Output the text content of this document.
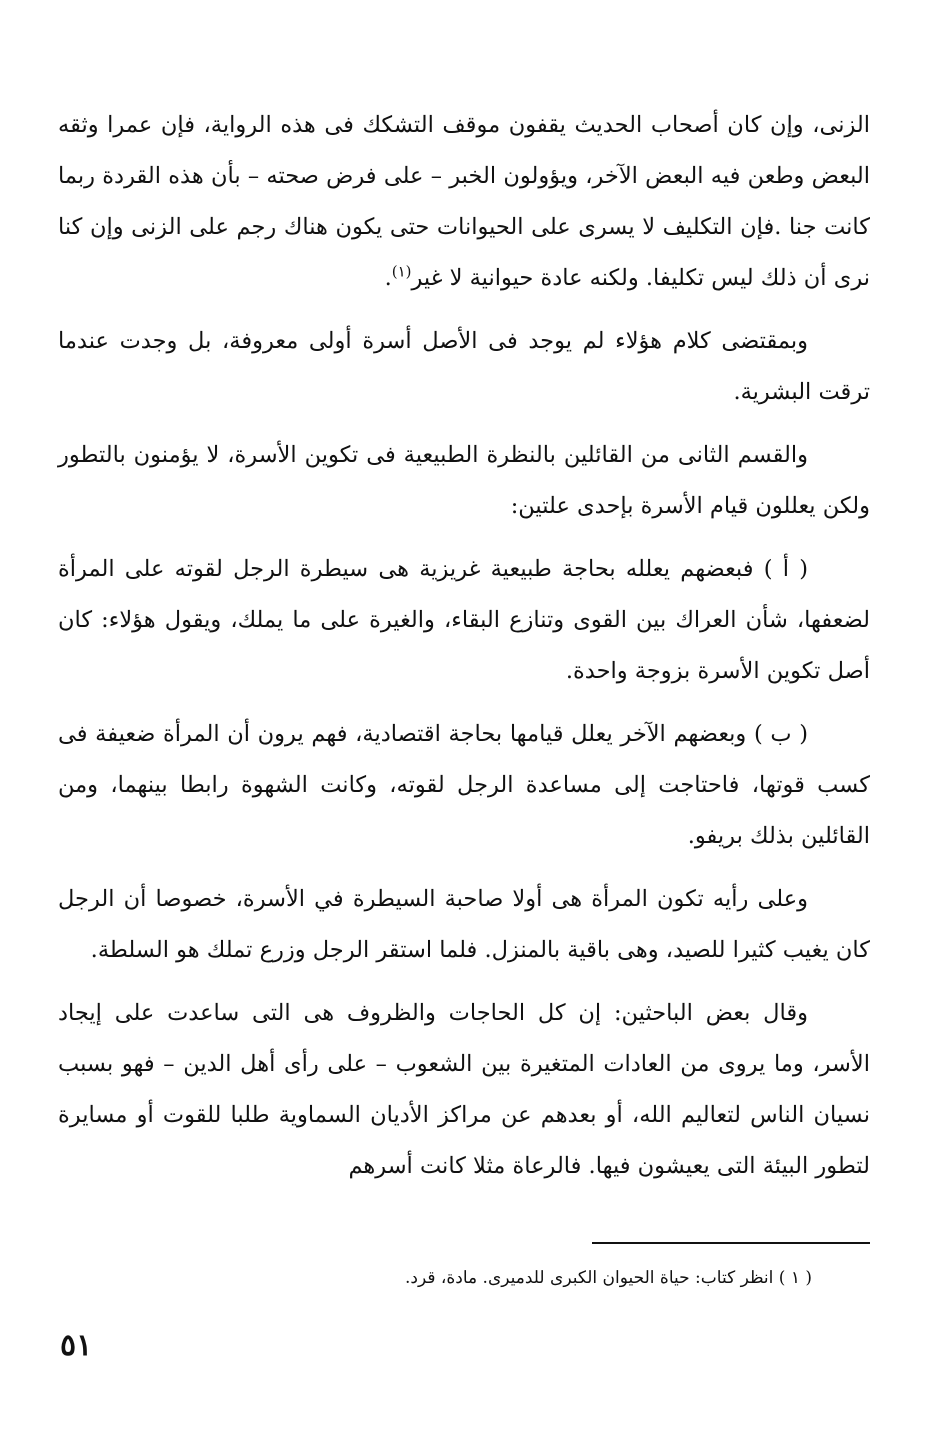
الزنى، وإن كان أصحاب الحديث يقفون موقف التشكك فى هذه الرواية، فإن عمرا وثقه البعض وطعن فيه البعض الآخر، ويؤولون الخبر – على فرض صحته – بأن هذه القردة ربما كانت جنا .فإن التكليف لا يسرى على الحيوانات حتى يكون هناك رجم على الزنى وإن كنا نرى أن ذلك ليس تكليفا. ولكنه عادة حيوانية لا غير$^{(١)}$.

وبمقتضى كلام هؤلاء لم يوجد فى الأصل أسرة أولى معروفة، بل وجدت عندما ترقت البشرية.

والقسم الثانى من القائلين بالنظرة الطبيعية فى تكوين الأسرة، لا يؤمنون بالتطور ولكن يعللون قيام الأسرة بإحدى علتين:

( أ ) فبعضهم يعلله بحاجة طبيعية غريزية هى سيطرة الرجل لقوته على المرأة لضعفها، شأن العراك بين القوى وتنازع البقاء، والغيرة على ما يملك، ويقول هؤلاء: كان أصل تكوين الأسرة بزوجة واحدة.

( ب ) وبعضهم الآخر يعلل قيامها بحاجة اقتصادية، فهم يرون أن المرأة ضعيفة فى كسب قوتها، فاحتاجت إلى مساعدة الرجل لقوته، وكانت الشهوة رابطا بينهما، ومن القائلين بذلك بريفو.

وعلى رأيه تكون المرأة هى أولا صاحبة السيطرة في الأسرة، خصوصا أن الرجل كان يغيب كثيرا للصيد، وهى باقية بالمنزل. فلما استقر الرجل وزرع تملك هو السلطة.

وقال بعض الباحثين: إن كل الحاجات والظروف هى التى ساعدت على إيجاد الأسر، وما يروى من العادات المتغيرة بين الشعوب – على رأى أهل الدين – فهو بسبب نسيان الناس لتعاليم الله، أو بعدهم عن مراكز الأديان السماوية طلبا للقوت أو مسايرة لتطور البيئة التى يعيشون فيها. فالرعاة مثلا كانت أسرهم

( ١ ) انظر كتاب: حياة الحيوان الكبرى للدميرى. مادة، قرد.

٥١
